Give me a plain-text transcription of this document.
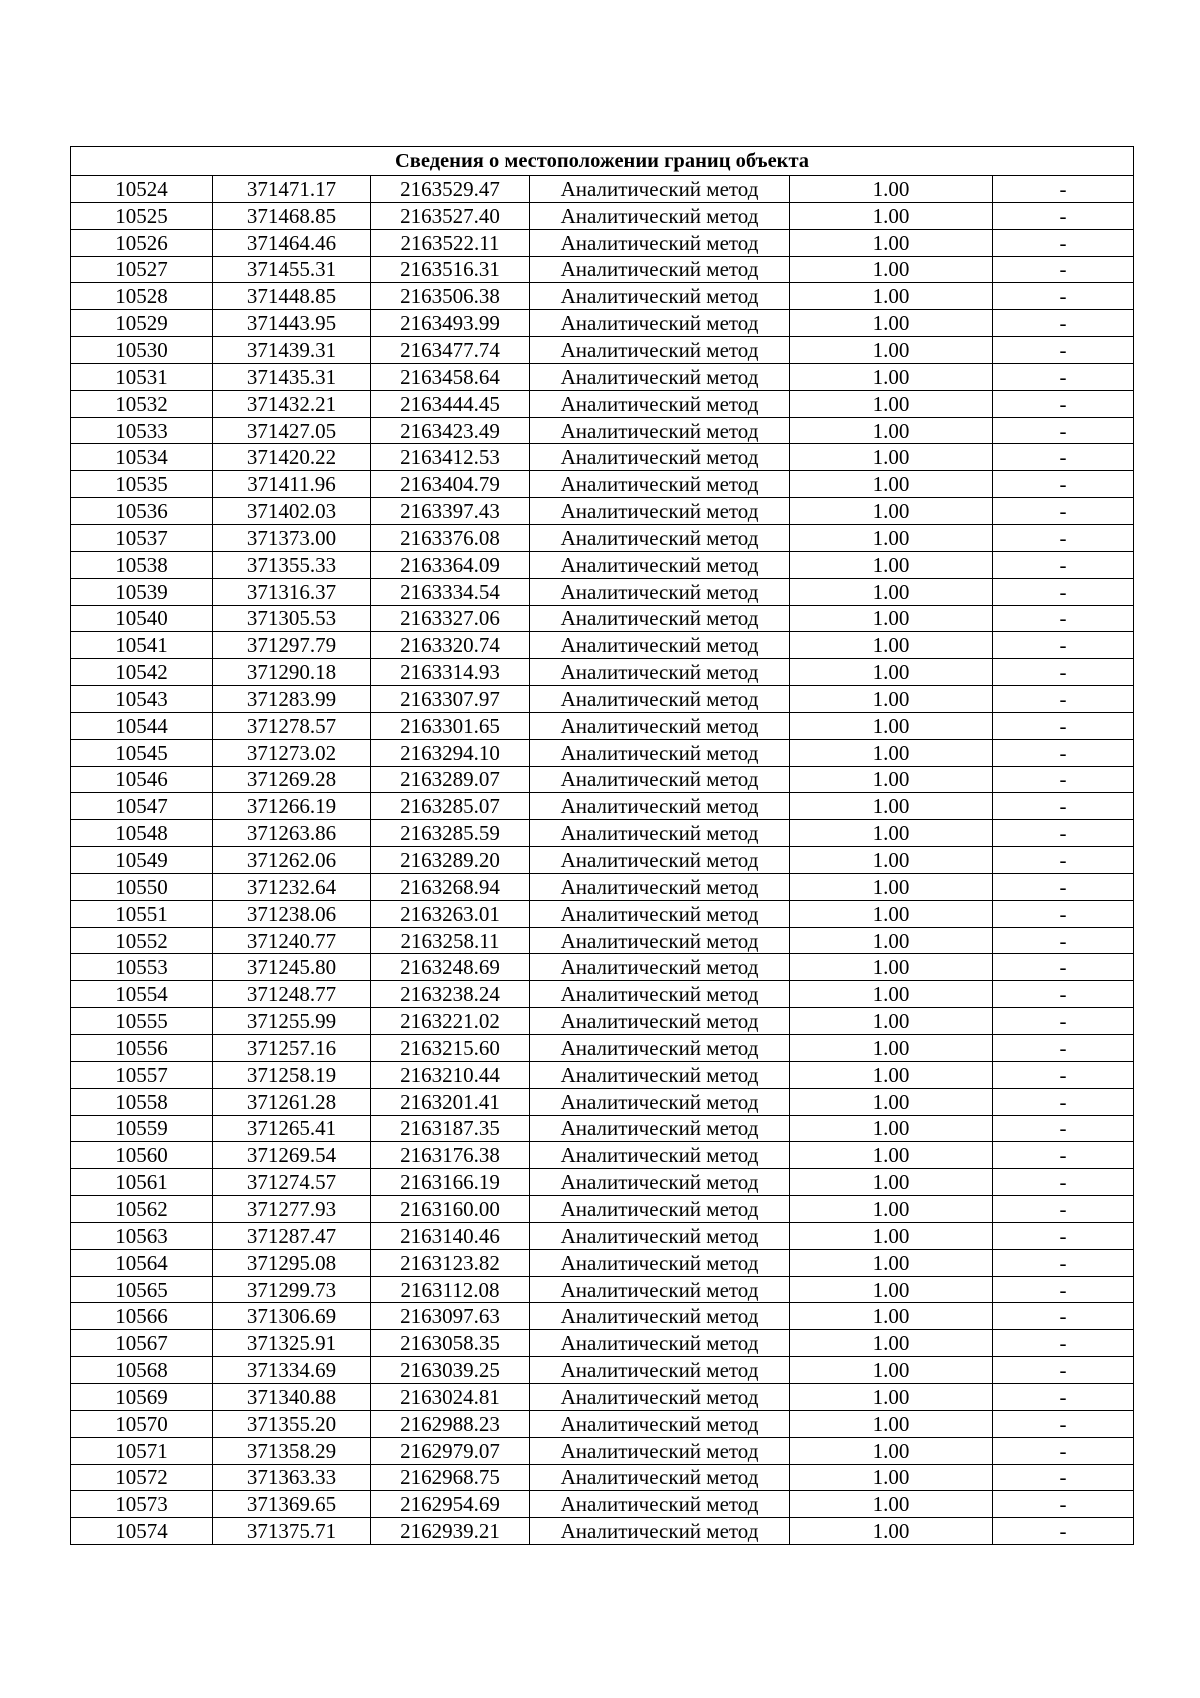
Сведения о местоположении границ объекта					
10524	371471.17	2163529.47	Аналитический метод	1.00	-
10525	371468.85	2163527.40	Аналитический метод	1.00	-
10526	371464.46	2163522.11	Аналитический метод	1.00	-
10527	371455.31	2163516.31	Аналитический метод	1.00	-
10528	371448.85	2163506.38	Аналитический метод	1.00	-
10529	371443.95	2163493.99	Аналитический метод	1.00	-
10530	371439.31	2163477.74	Аналитический метод	1.00	-
10531	371435.31	2163458.64	Аналитический метод	1.00	-
10532	371432.21	2163444.45	Аналитический метод	1.00	-
10533	371427.05	2163423.49	Аналитический метод	1.00	-
10534	371420.22	2163412.53	Аналитический метод	1.00	-
10535	371411.96	2163404.79	Аналитический метод	1.00	-
10536	371402.03	2163397.43	Аналитический метод	1.00	-
10537	371373.00	2163376.08	Аналитический метод	1.00	-
10538	371355.33	2163364.09	Аналитический метод	1.00	-
10539	371316.37	2163334.54	Аналитический метод	1.00	-
10540	371305.53	2163327.06	Аналитический метод	1.00	-
10541	371297.79	2163320.74	Аналитический метод	1.00	-
10542	371290.18	2163314.93	Аналитический метод	1.00	-
10543	371283.99	2163307.97	Аналитический метод	1.00	-
10544	371278.57	2163301.65	Аналитический метод	1.00	-
10545	371273.02	2163294.10	Аналитический метод	1.00	-
10546	371269.28	2163289.07	Аналитический метод	1.00	-
10547	371266.19	2163285.07	Аналитический метод	1.00	-
10548	371263.86	2163285.59	Аналитический метод	1.00	-
10549	371262.06	2163289.20	Аналитический метод	1.00	-
10550	371232.64	2163268.94	Аналитический метод	1.00	-
10551	371238.06	2163263.01	Аналитический метод	1.00	-
10552	371240.77	2163258.11	Аналитический метод	1.00	-
10553	371245.80	2163248.69	Аналитический метод	1.00	-
10554	371248.77	2163238.24	Аналитический метод	1.00	-
10555	371255.99	2163221.02	Аналитический метод	1.00	-
10556	371257.16	2163215.60	Аналитический метод	1.00	-
10557	371258.19	2163210.44	Аналитический метод	1.00	-
10558	371261.28	2163201.41	Аналитический метод	1.00	-
10559	371265.41	2163187.35	Аналитический метод	1.00	-
10560	371269.54	2163176.38	Аналитический метод	1.00	-
10561	371274.57	2163166.19	Аналитический метод	1.00	-
10562	371277.93	2163160.00	Аналитический метод	1.00	-
10563	371287.47	2163140.46	Аналитический метод	1.00	-
10564	371295.08	2163123.82	Аналитический метод	1.00	-
10565	371299.73	2163112.08	Аналитический метод	1.00	-
10566	371306.69	2163097.63	Аналитический метод	1.00	-
10567	371325.91	2163058.35	Аналитический метод	1.00	-
10568	371334.69	2163039.25	Аналитический метод	1.00	-
10569	371340.88	2163024.81	Аналитический метод	1.00	-
10570	371355.20	2162988.23	Аналитический метод	1.00	-
10571	371358.29	2162979.07	Аналитический метод	1.00	-
10572	371363.33	2162968.75	Аналитический метод	1.00	-
10573	371369.65	2162954.69	Аналитический метод	1.00	-
10574	371375.71	2162939.21	Аналитический метод	1.00	-
